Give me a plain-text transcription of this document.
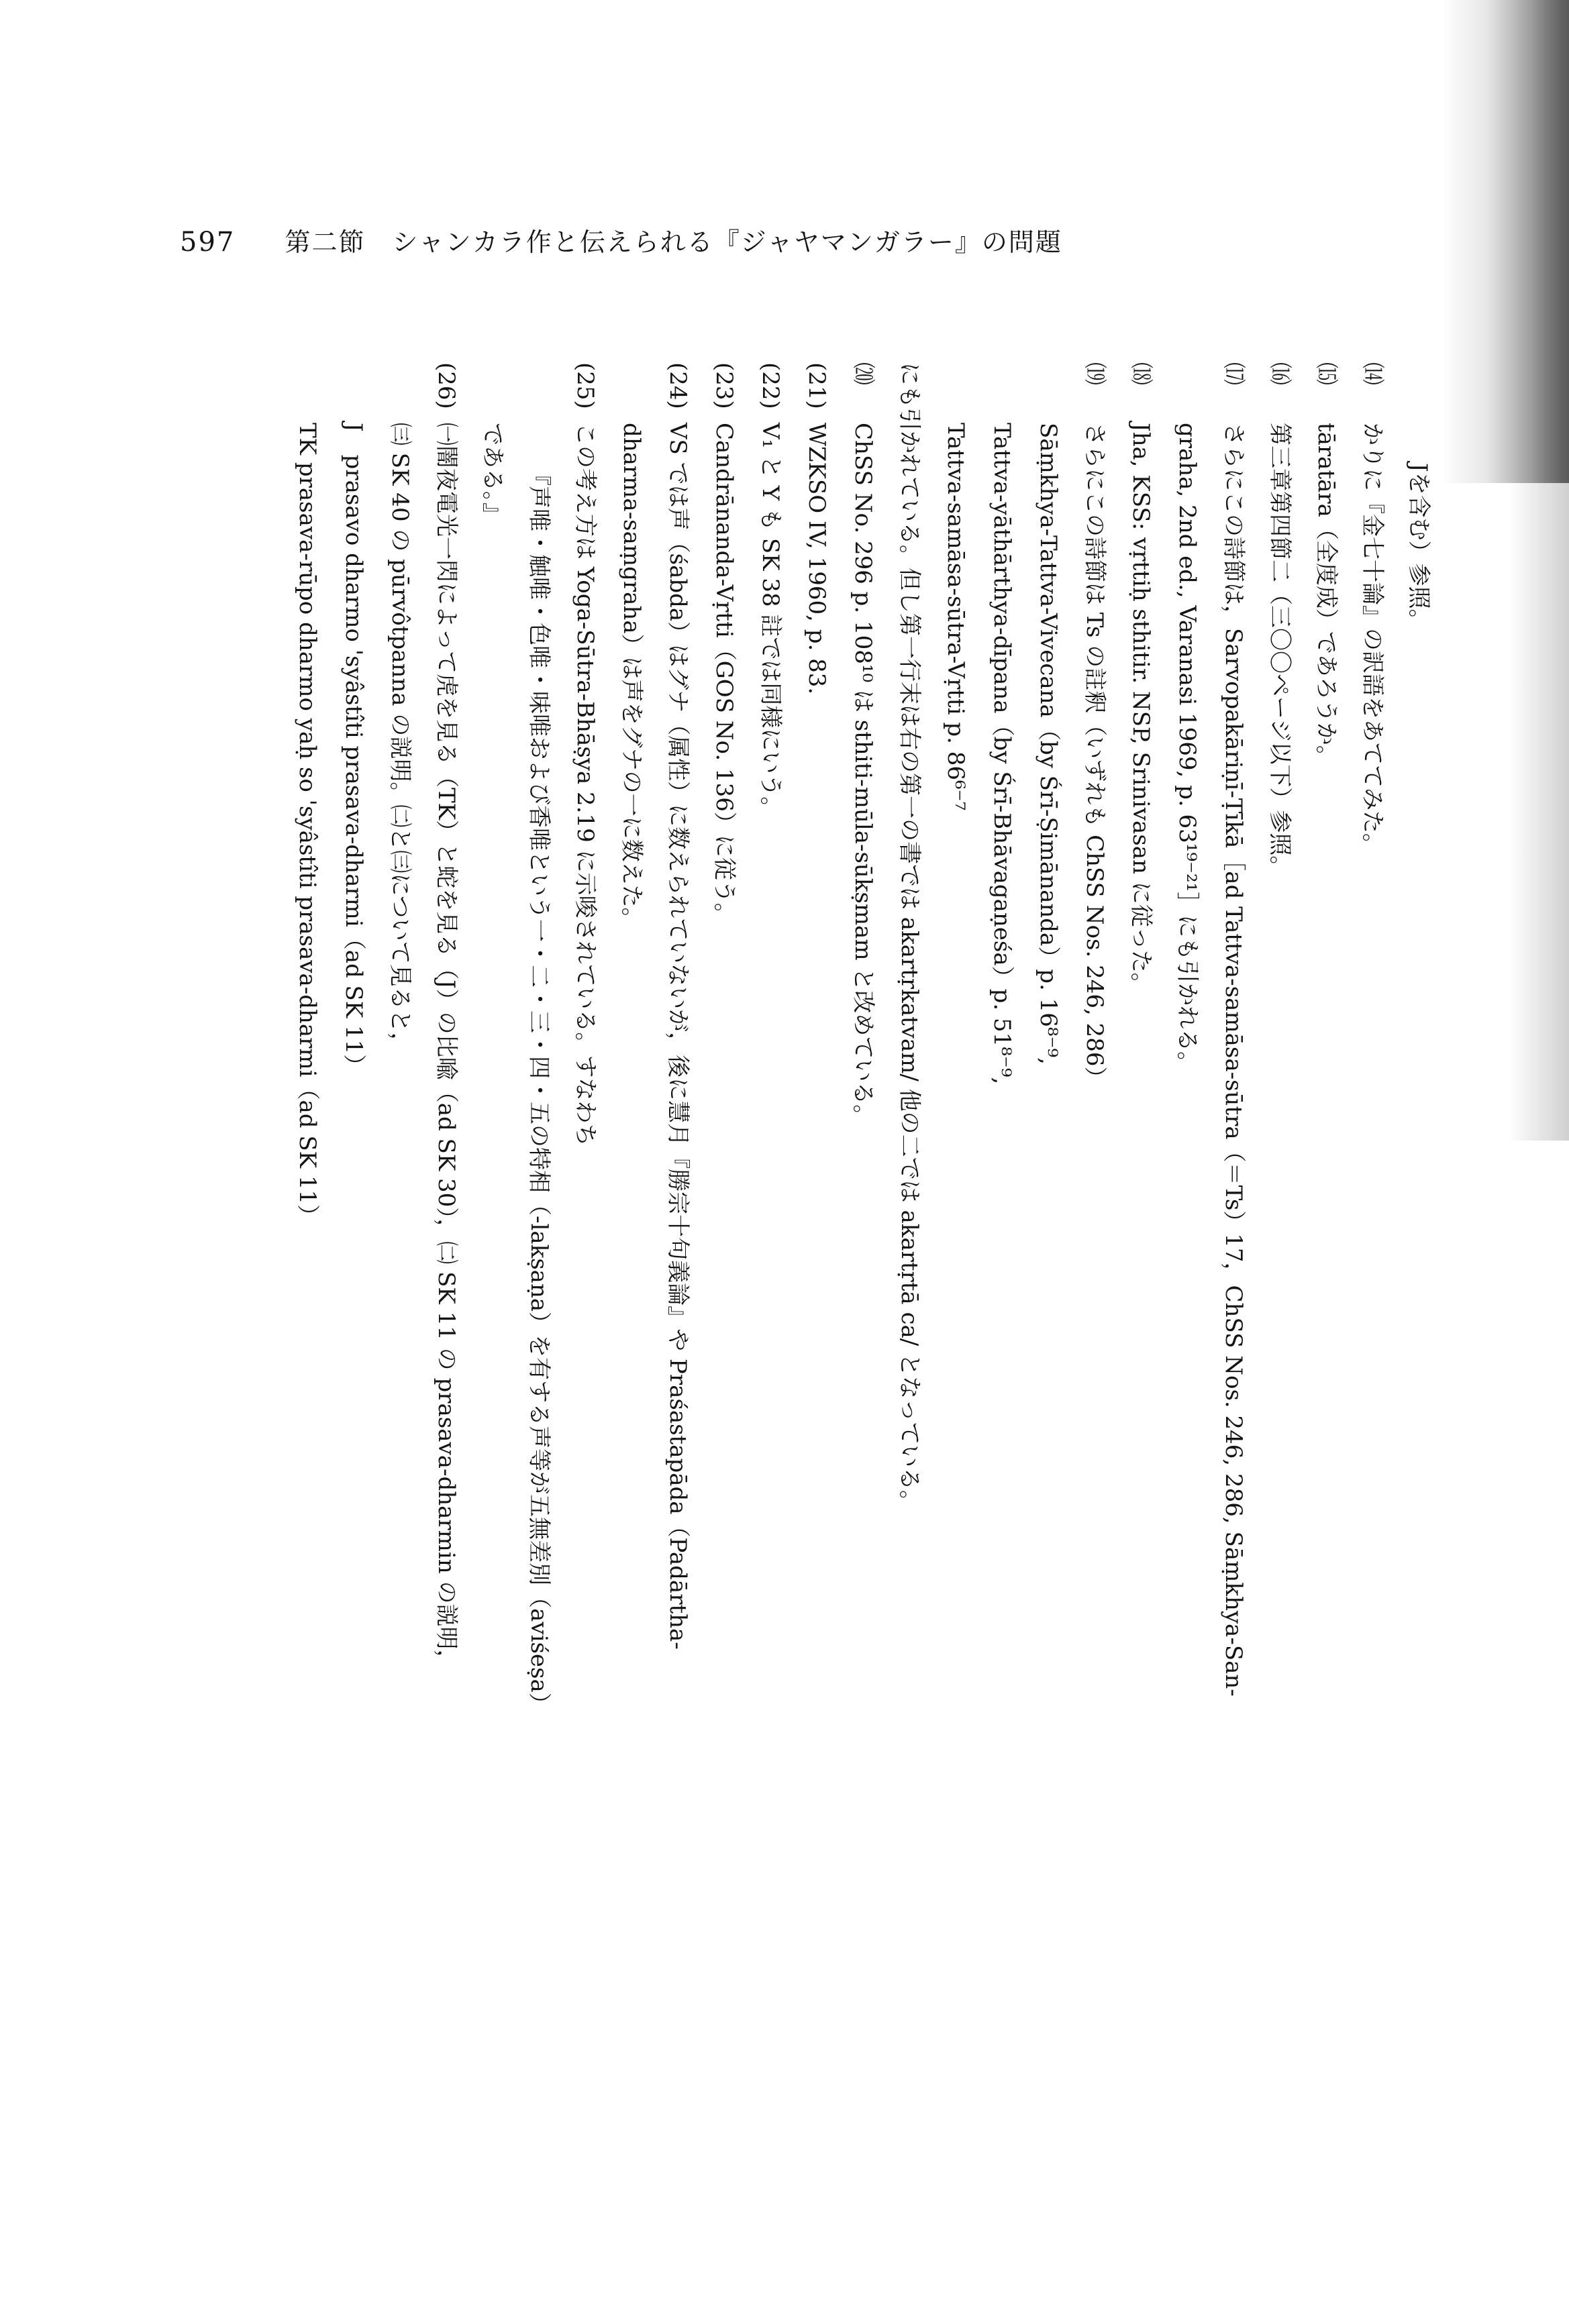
597 第二節　シャンカラ作と伝えられる『ジャヤマンガラー』の問題
Jを含む）参照。
⒁かりに『金七十論』の訳語をあててみた。
⒂tāratāra（全度成）であろうか。
⒃第三章第四節二（三〇〇ページ以下）参照。
⒄さらにこの詩節は，Sarvopakāriṇī-Ṭīkā［ad Tattva-samāsa-sūtra（＝Ts）17，ChSS Nos. 246, 286, Sāṃkhya-San-
graha, 2nd ed., Varanasi 1969, p. 63¹⁹⁻²¹］にも引かれる。
⒅Jha, KSS: vṛttiḥ sthitir. NSP, Srinivasan に従った。
⒆さらにこの詩節は Ts の註釈（いずれも ChSS Nos. 246, 286）
Sāṃkhya-Tattva-Vivecana（by Śrī-Ṣimānanda）p. 16⁸⁻⁹,
Tattva-yāthārthya-dīpana（by Śrī-Bhāvagaṇeśa）p. 51⁸⁻⁹,
Tattva-samāsa-sūtra-Vṛtti p. 86⁶⁻⁷
にも引かれている。但し第一行末は右の第一の書では akartṛkatvam/ 他の二では akartṛtā ca/ となっている。
⒇ChSS No. 296 p. 108¹⁰ は sthiti-mūla-sūkṣmam と改めている。
(21)WZKSO IV, 1960, p. 83.
(22)V₁ と Y も SK 38 註では同様にいう。
(23)Candrānanda-Vṛtti（GOS No. 136）に従う。
(24)VS では声（śabda）はグナ（属性）に数えられていないが，後に慧月『勝宗十句義論』や Praśastapāda（Padārtha-
dharma-saṃgraha）は声をグナの一に数えた。
(25)この考え方は Yoga-Sūtra-Bhāṣya 2.19 に示唆されている。すなわち
『声唯・触唯・色唯・味唯および香唯という一・二・三・四・五の特相（-lakṣaṇa）を有する声等が五無差別（aviśeṣa）
である。』
(26)㈠闇夜電光一閃によって虎を見る（TK）と蛇を見る（J）の比喩（ad SK 30），㈡ SK 11 の prasava-dharmin の説明，
㈢ SK 40 の pūrvôtpanna の説明。㈡と㈢について見ると，
J　prasavo dharmo 'syâstîti prasava-dharmi（ad SK 11）
TK prasava-rūpo dharmo yaḥ so 'syâstîti prasava-dharmi（ad SK 11）
